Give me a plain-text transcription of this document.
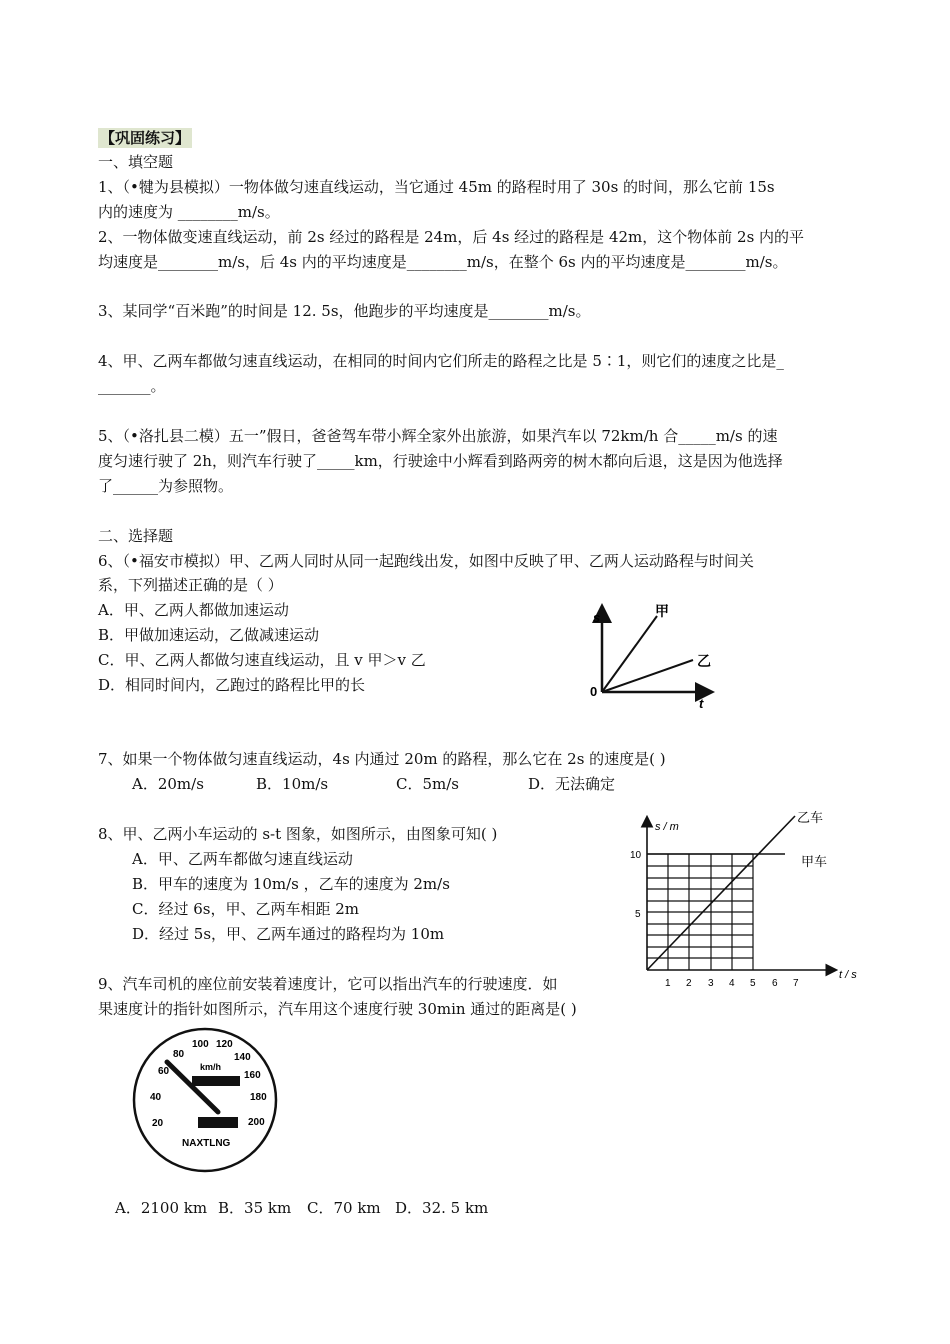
【巩固练习】
一、填空题
1、（•犍为县模拟）一物体做匀速直线运动，当它通过 45m 的路程时用了 30s 的时间，那么它前 15s
内的速度为 ________m/s。
2、一物体做变速直线运动，前 2s 经过的路程是 24m，后 4s 经过的路程是 42m，这个物体前 2s 内的平
均速度是________m/s，后 4s 内的平均速度是________m/s，在整个 6s 内的平均速度是________m/s。
3、某同学“百米跑”的时间是 12. 5s，他跑步的平均速度是________m/s。
4、甲、乙两车都做匀速直线运动，在相同的时间内它们所走的路程之比是 5∶1，则它们的速度之比是_
_______。
5、（•洛扎县二模）五一”假日，爸爸驾车带小辉全家外出旅游，如果汽车以 72km/h 合_____m/s 的速
度匀速行驶了 2h，则汽车行驶了_____km，行驶途中小辉看到路两旁的树木都向后退，这是因为他选择
了______为参照物。
二、选择题
6、（•福安市模拟）甲、乙两人同时从同一起跑线出发，如图中反映了甲、乙两人运动路程与时间关
系，下列描述正确的是（ ）
A．甲、乙两人都做加速运动
B．甲做加速运动，乙做减速运动
C．甲、乙两人都做匀速直线运动，且 v 甲＞v 乙
D．相同时间内，乙跑过的路程比甲的长
s
t
0
甲
乙
7、如果一个物体做匀速直线运动，4s 内通过 20m 的路程，那么它在 2s 的速度是( )
A．20m/s	B．10m/s	C．5m/s	D．无法确定
8、甲、乙两小车运动的 s-t 图象，如图所示，由图象可知( )
A．甲、乙两车都做匀速直线运动
B．甲车的速度为 10m/s ，乙车的速度为 2m/s
C．经过 6s，甲、乙两车相距 2m
D．经过 5s，甲、乙两车通过的路程均为 10m
s / m
t / s
10
5
1 2 3 4 5 6 7
乙车
甲车
9、汽车司机的座位前安装着速度计，它可以指出汽车的行驶速度．如
果速度计的指针如图所示，汽车用这个速度行驶 30min 通过的距离是( )
20
40
60
80
100 120
140
160
180
200
km/h
NAXTLNG
A．2100 km B．35 km C．70 km D．32. 5 km
